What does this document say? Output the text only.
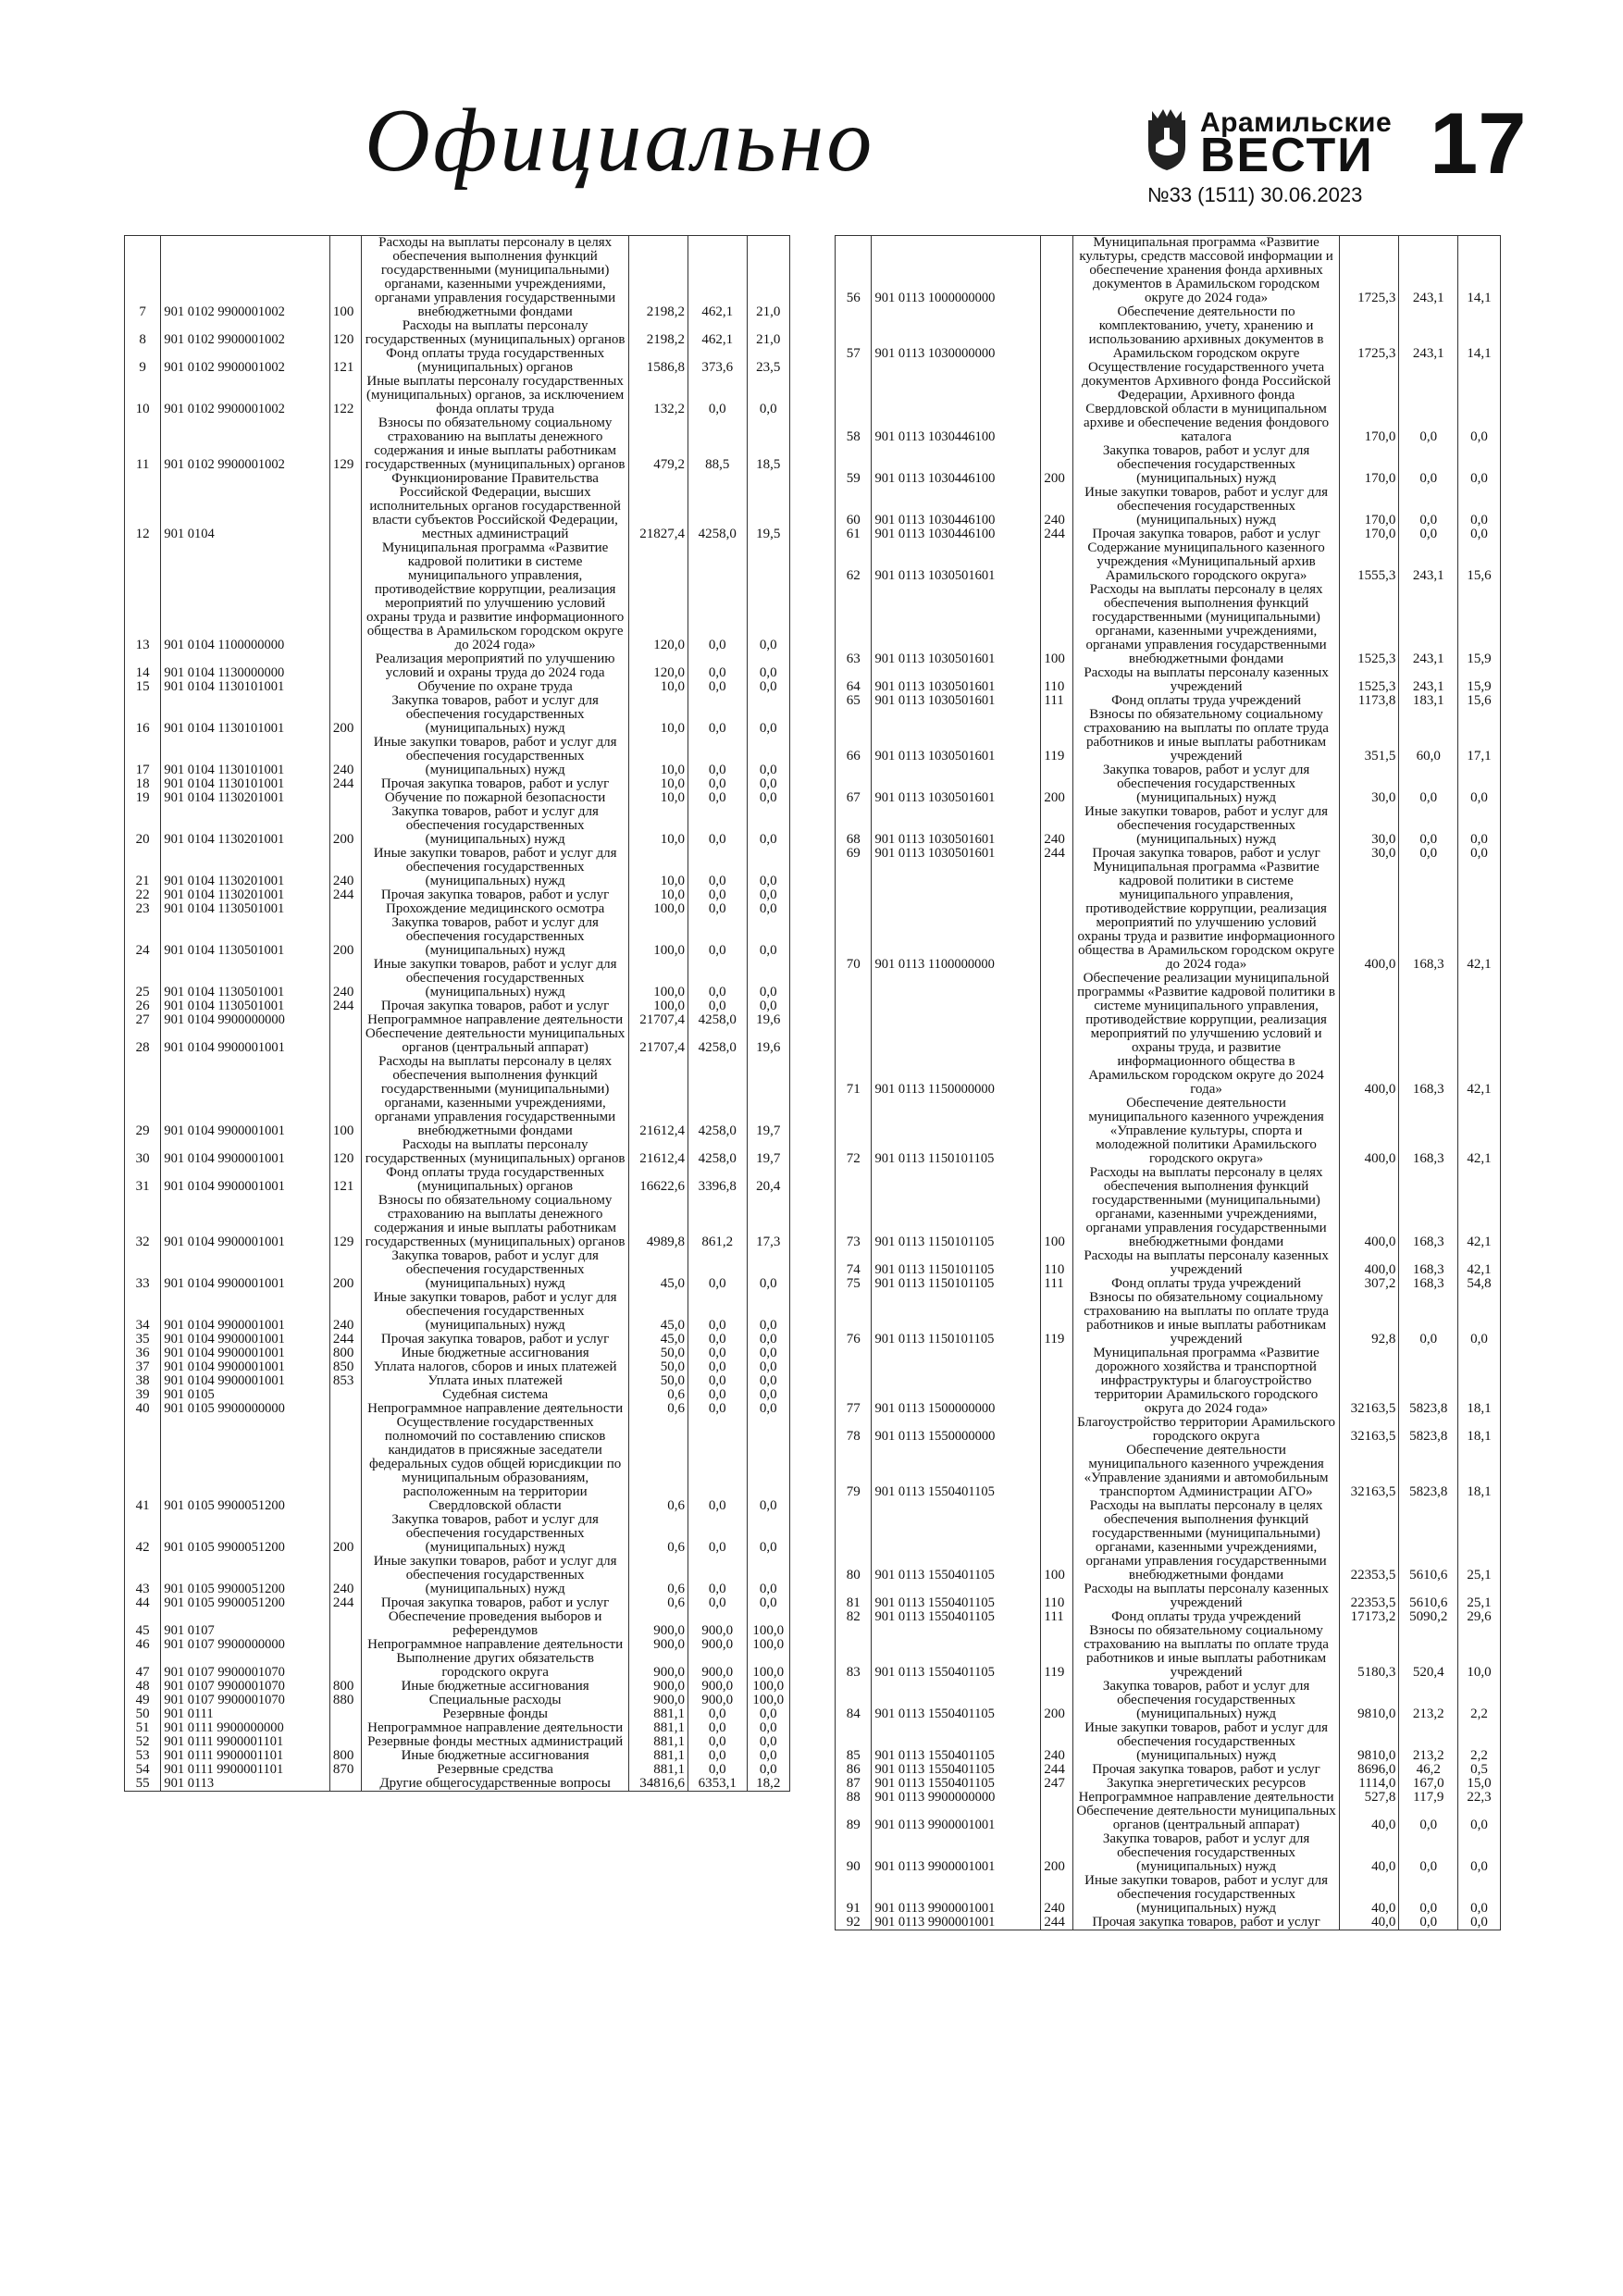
Официально	Арамильские
ВЕСТИ 17
№33 (1511) 30.06.2023
7	901 0102 9900001002	100	Расходы на выплаты персоналу в целях обеспечения выполнения функций государственными (муниципальными) органами, казенными учреждениями, органами управления государственными внебюджетными фондами	2198,2	462,1	21,0
8	901 0102 9900001002	120	Расходы на выплаты персоналу государственных (муниципальных) органов	2198,2	462,1	21,0
9	901 0102 9900001002	121	Фонд оплаты труда государственных (муниципальных) органов	1586,8	373,6	23,5
10	901 0102 9900001002	122	Иные выплаты персоналу государственных (муниципальных) органов, за исключением фонда оплаты труда	132,2	0,0	0,0
11	901 0102 9900001002	129	Взносы по обязательному социальному страхованию на выплаты денежного содержания и иные выплаты работникам государственных (муниципальных) органов	479,2	88,5	18,5
12	901 0104		Функционирование Правительства Российской Федерации, высших исполнительных органов государственной власти субъектов Российской Федерации, местных администраций	21827,4	4258,0	19,5
13	901 0104 1100000000		Муниципальная программа «Развитие кадровой политики в системе муниципального управления, противодействие коррупции, реализация мероприятий по улучшению условий охраны труда и развитие информационного общества в Арамильском городском округе до 2024 года»	120,0	0,0	0,0
14	901 0104 1130000000		Реализация мероприятий по улучшению условий и охраны труда до 2024 года	120,0	0,0	0,0
15	901 0104 1130101001		Обучение по охране труда	10,0	0,0	0,0
16	901 0104 1130101001	200	Закупка товаров, работ и услуг для обеспечения государственных (муниципальных) нужд	10,0	0,0	0,0
17	901 0104 1130101001	240	Иные закупки товаров, работ и услуг для обеспечения государственных (муниципальных) нужд	10,0	0,0	0,0
18	901 0104 1130101001	244	Прочая закупка товаров, работ и услуг	10,0	0,0	0,0
19	901 0104 1130201001		Обучение по пожарной безопасности	10,0	0,0	0,0
20	901 0104 1130201001	200	Закупка товаров, работ и услуг для обеспечения государственных (муниципальных) нужд	10,0	0,0	0,0
21	901 0104 1130201001	240	Иные закупки товаров, работ и услуг для обеспечения государственных (муниципальных) нужд	10,0	0,0	0,0
22	901 0104 1130201001	244	Прочая закупка товаров, работ и услуг	10,0	0,0	0,0
23	901 0104 1130501001		Прохождение медицинского осмотра	100,0	0,0	0,0
24	901 0104 1130501001	200	Закупка товаров, работ и услуг для обеспечения государственных (муниципальных) нужд	100,0	0,0	0,0
25	901 0104 1130501001	240	Иные закупки товаров, работ и услуг для обеспечения государственных (муниципальных) нужд	100,0	0,0	0,0
26	901 0104 1130501001	244	Прочая закупка товаров, работ и услуг	100,0	0,0	0,0
27	901 0104 9900000000		Непрограммное направление деятельности	21707,4	4258,0	19,6
28	901 0104 9900001001		Обеспечение деятельности муниципальных органов (центральный аппарат)	21707,4	4258,0	19,6
29	901 0104 9900001001	100	Расходы на выплаты персоналу в целях обеспечения выполнения функций государственными (муниципальными) органами, казенными учреждениями, органами управления государственными внебюджетными фондами	21612,4	4258,0	19,7
30	901 0104 9900001001	120	Расходы на выплаты персоналу государственных (муниципальных) органов	21612,4	4258,0	19,7
31	901 0104 9900001001	121	Фонд оплаты труда государственных (муниципальных) органов	16622,6	3396,8	20,4
32	901 0104 9900001001	129	Взносы по обязательному социальному страхованию на выплаты денежного содержания и иные выплаты работникам государственных (муниципальных) органов	4989,8	861,2	17,3
33	901 0104 9900001001	200	Закупка товаров, работ и услуг для обеспечения государственных (муниципальных) нужд	45,0	0,0	0,0
34	901 0104 9900001001	240	Иные закупки товаров, работ и услуг для обеспечения государственных (муниципальных) нужд	45,0	0,0	0,0
35	901 0104 9900001001	244	Прочая закупка товаров, работ и услуг	45,0	0,0	0,0
36	901 0104 9900001001	800	Иные бюджетные ассигнования	50,0	0,0	0,0
37	901 0104 9900001001	850	Уплата налогов, сборов и иных платежей	50,0	0,0	0,0
38	901 0104 9900001001	853	Уплата иных платежей	50,0	0,0	0,0
39	901 0105		Судебная система	0,6	0,0	0,0
40	901 0105 9900000000		Непрограммное направление деятельности	0,6	0,0	0,0
41	901 0105 9900051200		Осуществление государственных полномочий по составлению списков кандидатов в присяжные заседатели федеральных судов общей юрисдикции по муниципальным образованиям, расположенным на территории Свердловской области	0,6	0,0	0,0
42	901 0105 9900051200	200	Закупка товаров, работ и услуг для обеспечения государственных (муниципальных) нужд	0,6	0,0	0,0
43	901 0105 9900051200	240	Иные закупки товаров, работ и услуг для обеспечения государственных (муниципальных) нужд	0,6	0,0	0,0
44	901 0105 9900051200	244	Прочая закупка товаров, работ и услуг	0,6	0,0	0,0
45	901 0107		Обеспечение проведения выборов и референдумов	900,0	900,0	100,0
46	901 0107 9900000000		Непрограммное направление деятельности	900,0	900,0	100,0
47	901 0107 9900001070		Выполнение других обязательств городского округа	900,0	900,0	100,0
48	901 0107 9900001070	800	Иные бюджетные ассигнования	900,0	900,0	100,0
49	901 0107 9900001070	880	Специальные расходы	900,0	900,0	100,0
50	901 0111		Резервные фонды	881,1	0,0	0,0
51	901 0111 9900000000		Непрограммное направление деятельности	881,1	0,0	0,0
52	901 0111 9900001101		Резервные фонды местных администраций	881,1	0,0	0,0
53	901 0111 9900001101	800	Иные бюджетные ассигнования	881,1	0,0	0,0
54	901 0111 9900001101	870	Резервные средства	881,1	0,0	0,0
55	901 0113		Другие общегосударственные вопросы	34816,6	6353,1	18,2
56	901 0113 1000000000		Муниципальная программа «Развитие культуры, средств массовой информации и обеспечение хранения фонда архивных документов в Арамильском городском округе до 2024 года»	1725,3	243,1	14,1
57	901 0113 1030000000		Обеспечение деятельности по комплектованию, учету, хранению и использованию архивных документов в Арамильском городском округе	1725,3	243,1	14,1
58	901 0113 1030446100		Осуществление государственного учета документов Архивного фонда Российской Федерации, Архивного фонда Свердловской области в муниципальном архиве и обеспечение ведения фондового каталога	170,0	0,0	0,0
59	901 0113 1030446100	200	Закупка товаров, работ и услуг для обеспечения государственных (муниципальных) нужд	170,0	0,0	0,0
60	901 0113 1030446100	240	Иные закупки товаров, работ и услуг для обеспечения государственных (муниципальных) нужд	170,0	0,0	0,0
61	901 0113 1030446100	244	Прочая закупка товаров, работ и услуг	170,0	0,0	0,0
62	901 0113 1030501601		Содержание муниципального казенного учреждения «Муниципальный архив Арамильского городского округа»	1555,3	243,1	15,6
63	901 0113 1030501601	100	Расходы на выплаты персоналу в целях обеспечения выполнения функций государственными (муниципальными) органами, казенными учреждениями, органами управления государственными внебюджетными фондами	1525,3	243,1	15,9
64	901 0113 1030501601	110	Расходы на выплаты персоналу казенных учреждений	1525,3	243,1	15,9
65	901 0113 1030501601	111	Фонд оплаты труда учреждений	1173,8	183,1	15,6
66	901 0113 1030501601	119	Взносы по обязательному социальному страхованию на выплаты по оплате труда работников и иные выплаты работникам учреждений	351,5	60,0	17,1
67	901 0113 1030501601	200	Закупка товаров, работ и услуг для обеспечения государственных (муниципальных) нужд	30,0	0,0	0,0
68	901 0113 1030501601	240	Иные закупки товаров, работ и услуг для обеспечения государственных (муниципальных) нужд	30,0	0,0	0,0
69	901 0113 1030501601	244	Прочая закупка товаров, работ и услуг	30,0	0,0	0,0
70	901 0113 1100000000		Муниципальная программа «Развитие кадровой политики в системе муниципального управления, противодействие коррупции, реализация мероприятий по улучшению условий охраны труда и развитие информационного общества в Арамильском городском округе до 2024 года»	400,0	168,3	42,1
71	901 0113 1150000000		Обеспечение реализации муниципальной программы «Развитие кадровой политики в системе муниципального управления, противодействие коррупции, реализация мероприятий по улучшению условий и охраны труда, и развитие информационного общества в Арамильском городском округе до 2024 года»	400,0	168,3	42,1
72	901 0113 1150101105		Обеспечение деятельности муниципального казенного учреждения «Управление культуры, спорта и молодежной политики Арамильского городского округа»	400,0	168,3	42,1
73	901 0113 1150101105	100	Расходы на выплаты персоналу в целях обеспечения выполнения функций государственными (муниципальными) органами, казенными учреждениями, органами управления государственными внебюджетными фондами	400,0	168,3	42,1
74	901 0113 1150101105	110	Расходы на выплаты персоналу казенных учреждений	400,0	168,3	42,1
75	901 0113 1150101105	111	Фонд оплаты труда учреждений	307,2	168,3	54,8
76	901 0113 1150101105	119	Взносы по обязательному социальному страхованию на выплаты по оплате труда работников и иные выплаты работникам учреждений	92,8	0,0	0,0
77	901 0113 1500000000		Муниципальная программа «Развитие дорожного хозяйства и транспортной инфраструктуры и благоустройство территории Арамильского городского округа до 2024 года»	32163,5	5823,8	18,1
78	901 0113 1550000000		Благоустройство территории Арамильского городского округа	32163,5	5823,8	18,1
79	901 0113 1550401105		Обеспечение деятельности муниципального казенного учреждения «Управление зданиями и автомобильным транспортом Администрации АГО»	32163,5	5823,8	18,1
80	901 0113 1550401105	100	Расходы на выплаты персоналу в целях обеспечения выполнения функций государственными (муниципальными) органами, казенными учреждениями, органами управления государственными внебюджетными фондами	22353,5	5610,6	25,1
81	901 0113 1550401105	110	Расходы на выплаты персоналу казенных учреждений	22353,5	5610,6	25,1
82	901 0113 1550401105	111	Фонд оплаты труда учреждений	17173,2	5090,2	29,6
83	901 0113 1550401105	119	Взносы по обязательному социальному страхованию на выплаты по оплате труда работников и иные выплаты работникам учреждений	5180,3	520,4	10,0
84	901 0113 1550401105	200	Закупка товаров, работ и услуг для обеспечения государственных (муниципальных) нужд	9810,0	213,2	2,2
85	901 0113 1550401105	240	Иные закупки товаров, работ и услуг для обеспечения государственных (муниципальных) нужд	9810,0	213,2	2,2
86	901 0113 1550401105	244	Прочая закупка товаров, работ и услуг	8696,0	46,2	0,5
87	901 0113 1550401105	247	Закупка энергетических ресурсов	1114,0	167,0	15,0
88	901 0113 9900000000		Непрограммное направление деятельности	527,8	117,9	22,3
89	901 0113 9900001001		Обеспечение деятельности муниципальных органов (центральный аппарат)	40,0	0,0	0,0
90	901 0113 9900001001	200	Закупка товаров, работ и услуг для обеспечения государственных (муниципальных) нужд	40,0	0,0	0,0
91	901 0113 9900001001	240	Иные закупки товаров, работ и услуг для обеспечения государственных (муниципальных) нужд	40,0	0,0	0,0
92	901 0113 9900001001	244	Прочая закупка товаров, работ и услуг	40,0	0,0	0,0
